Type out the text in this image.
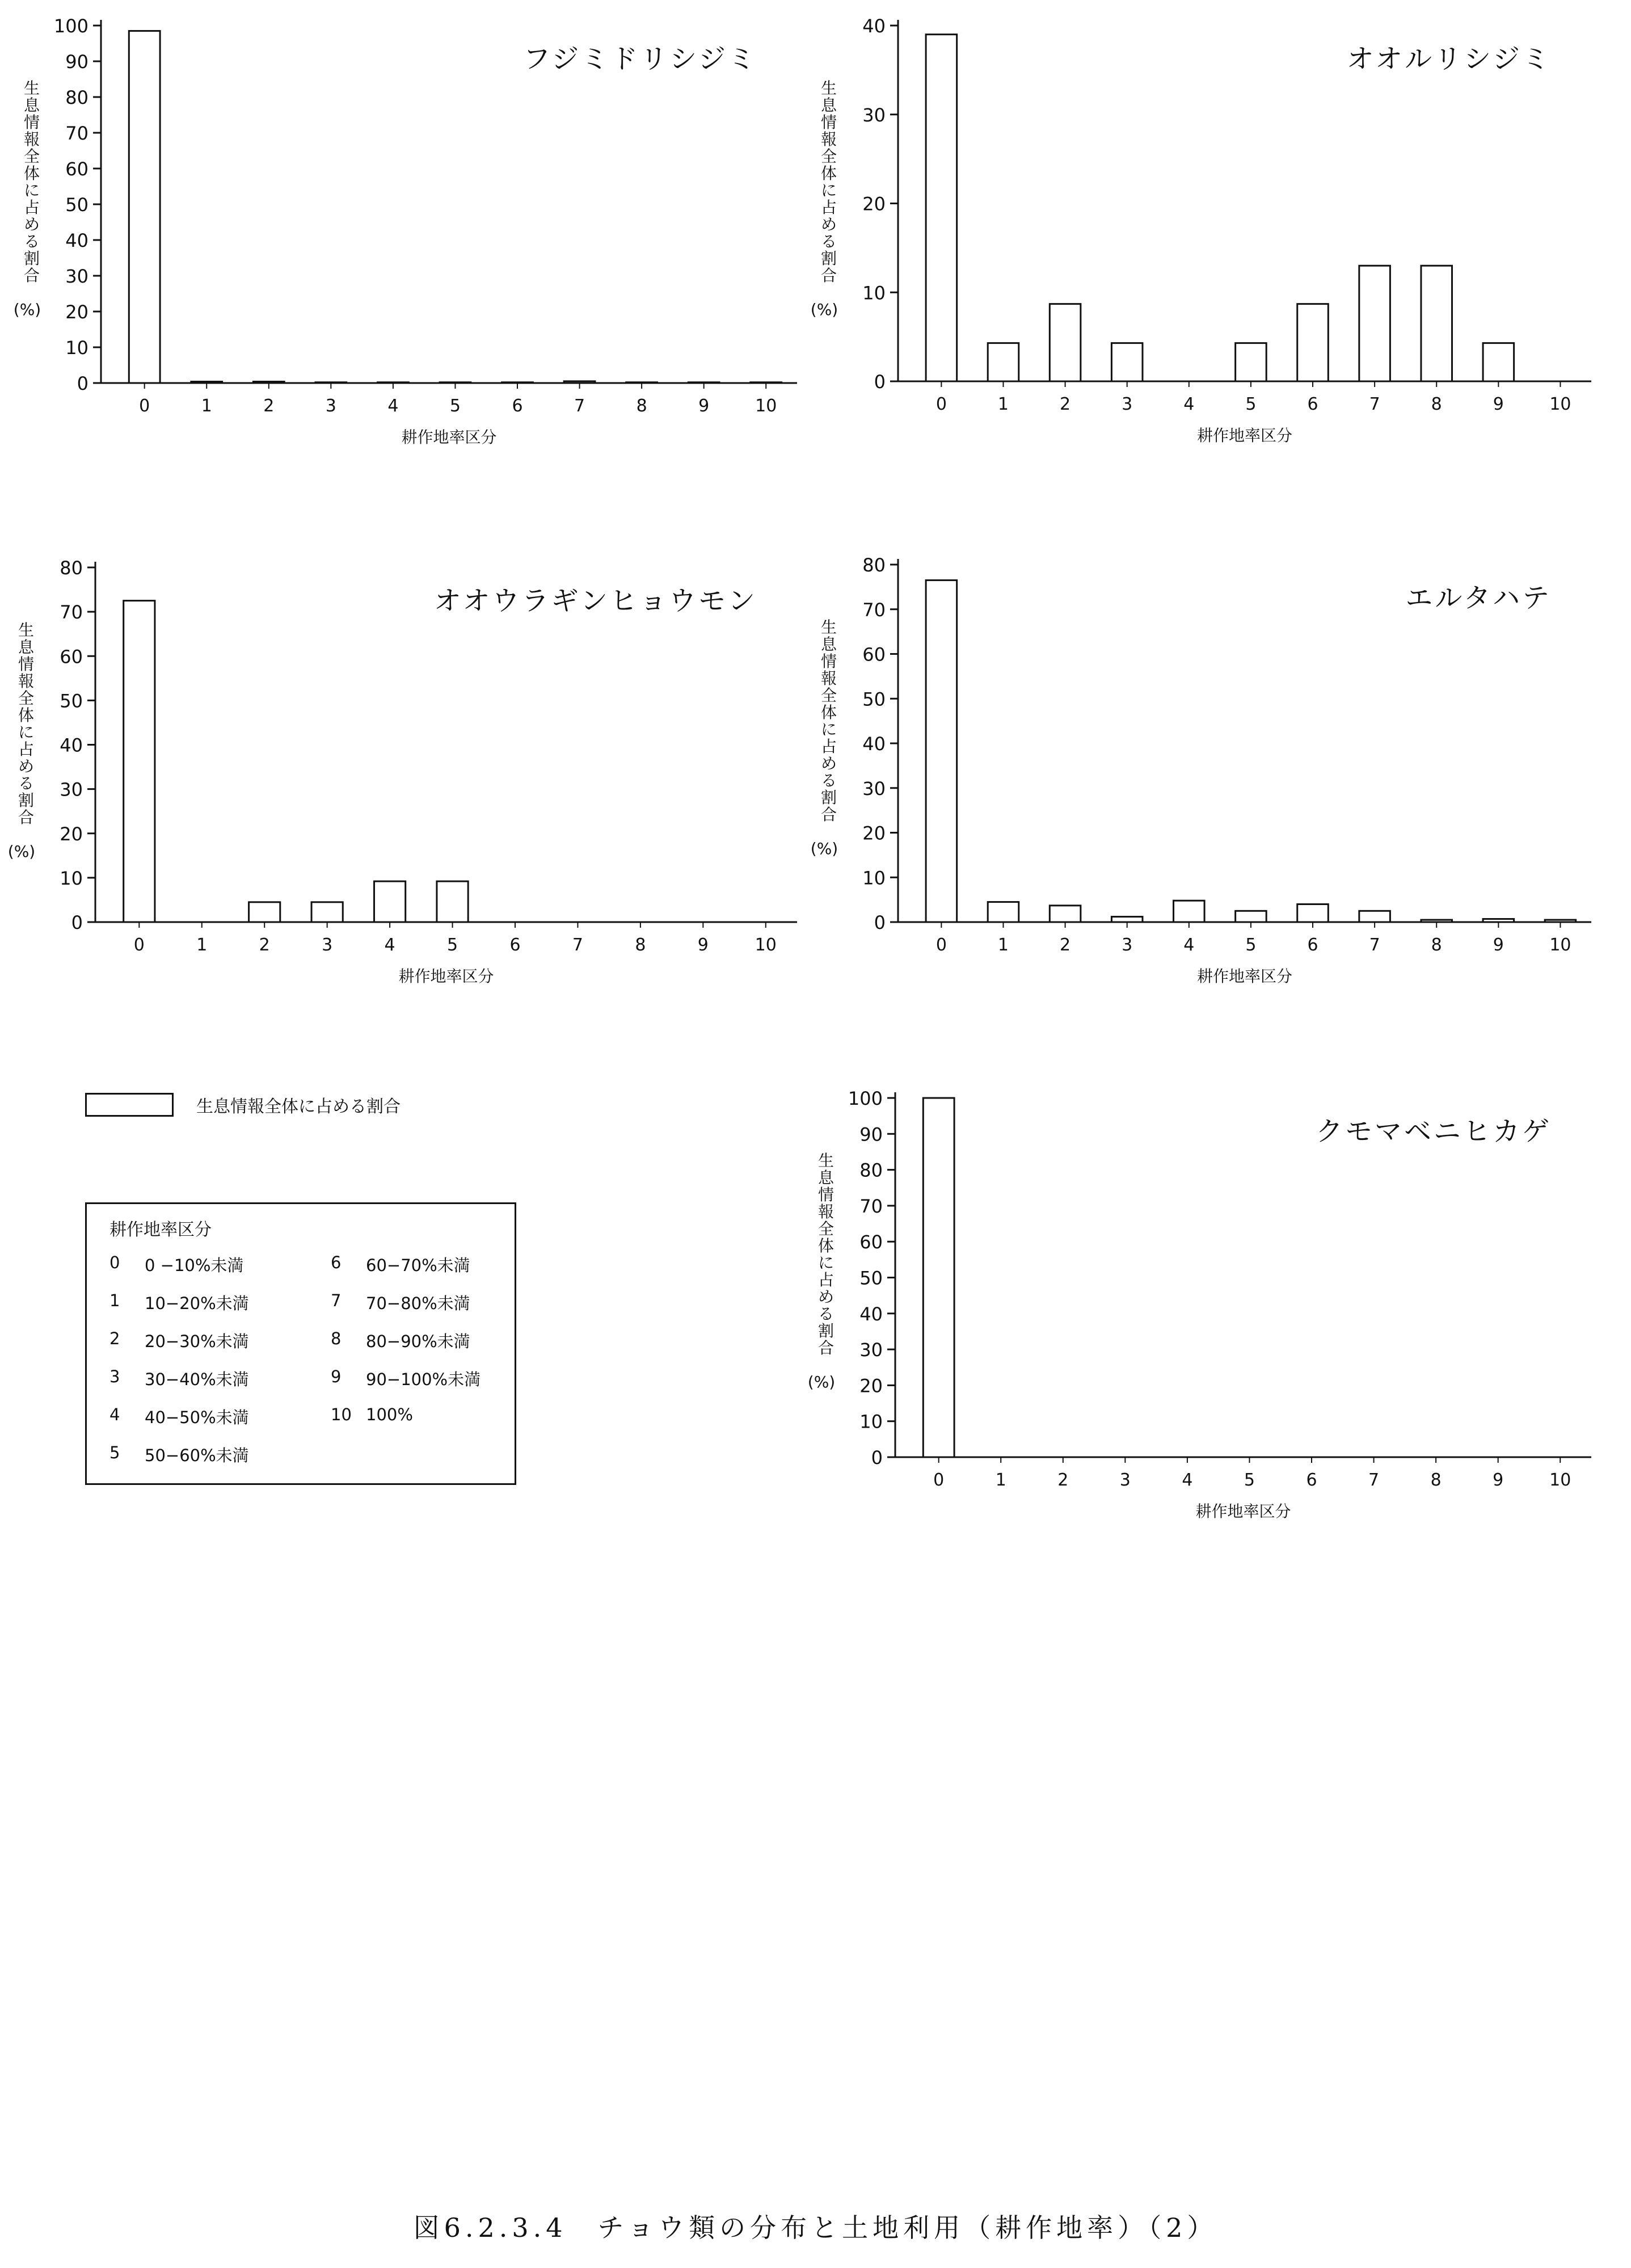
0
10
20
30
40
50
60
70
80
90
100
0	1	2	3	4	5	6	7	8	9	10
フジミドリシジミ
耕作地率区分
生
息
情
報
全
体
に
占
め
る
割
合
(%)
0
10
20
30
40
0	1	2	3	4	5	6	7	8	9	10
オオルリシジミ
耕作地率区分
生
息
情
報
全
体
に
占
め
る
割
合
(%)
0
10
20
30
40
50
60
70
80
0	1	2	3	4	5	6	7	8	9	10
オオウラギンヒョウモン
耕作地率区分
生
息
情
報
全
体
に
占
め
る
割
合
(%)
0
10
20
30
40
50
60
70
80
0	1	2	3	4	5	6	7	8	9	10
エルタハテ
耕作地率区分
生
息
情
報
全
体
に
占
め
る
割
合
(%)
0
10
20
30
40
50
60
70
80
90
100
0	1	2	3	4	5	6	7	8	9	10
クモマベニヒカゲ
耕作地率区分
生
息
情
報
全
体
に
占
め
る
割
合
(%)
生息情報全体に占める割合
耕作地率区分
0	0 −10%未満	6	60−70%未満
1	10−20%未満	7	70−80%未満
2	20−30%未満	8	80−90%未満
3	30−40%未満	9	90−100%未満
4	40−50%未満	10 100%
5	50−60%未満
図6.2.3.4　チョウ類の分布と土地利用（耕作地率）（2）
